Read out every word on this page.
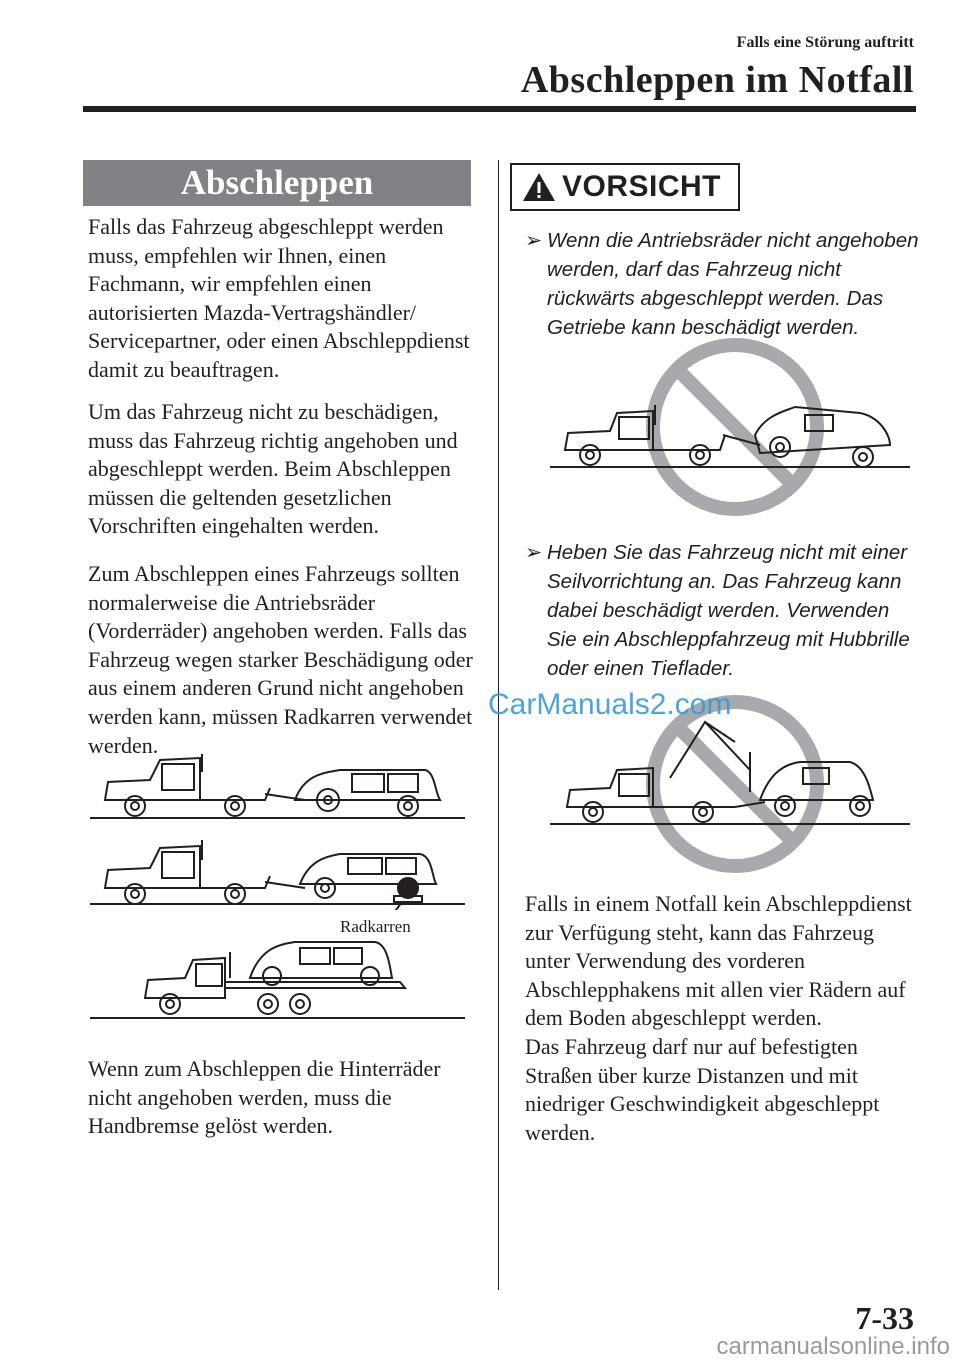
Falls eine Störung auftritt
Abschleppen im Notfall
Abschleppen

Falls das Fahrzeug abgeschleppt werden muss, empfehlen wir Ihnen, einen Fachmann, wir empfehlen einen autorisierten Mazda-Vertragshändler/ Servicepartner, oder einen Abschleppdienst damit zu beauftragen.

Um das Fahrzeug nicht zu beschädigen, muss das Fahrzeug richtig angehoben und abgeschleppt werden. Beim Abschleppen müssen die geltenden gesetzlichen Vorschriften eingehalten werden.

Zum Abschleppen eines Fahrzeugs sollten normalerweise die Antriebsräder (Vorderräder) angehoben werden. Falls das Fahrzeug wegen starker Beschädigung oder aus einem anderen Grund nicht angehoben werden kann, müssen Radkarren verwendet werden.

Radkarren

Wenn zum Abschleppen die Hinterräder nicht angehoben werden, muss die Handbremse gelöst werden.

VORSICHT
➢ Wenn die Antriebsräder nicht angehoben werden, darf das Fahrzeug nicht rückwärts abgeschleppt werden. Das Getriebe kann beschädigt werden.
➢ Heben Sie das Fahrzeug nicht mit einer Seilvorrichtung an. Das Fahrzeug kann dabei beschädigt werden. Verwenden Sie ein Abschleppfahrzeug mit Hubbrille oder einen Tieflader.

Falls in einem Notfall kein Abschleppdienst zur Verfügung steht, kann das Fahrzeug unter Verwendung des vorderen Abschlepphakens mit allen vier Rädern auf dem Boden abgeschleppt werden.
Das Fahrzeug darf nur auf befestigten Straßen über kurze Distanzen und mit niedriger Geschwindigkeit abgeschleppt werden.

CarManuals2.com
7-33
carmanualsonline.info
